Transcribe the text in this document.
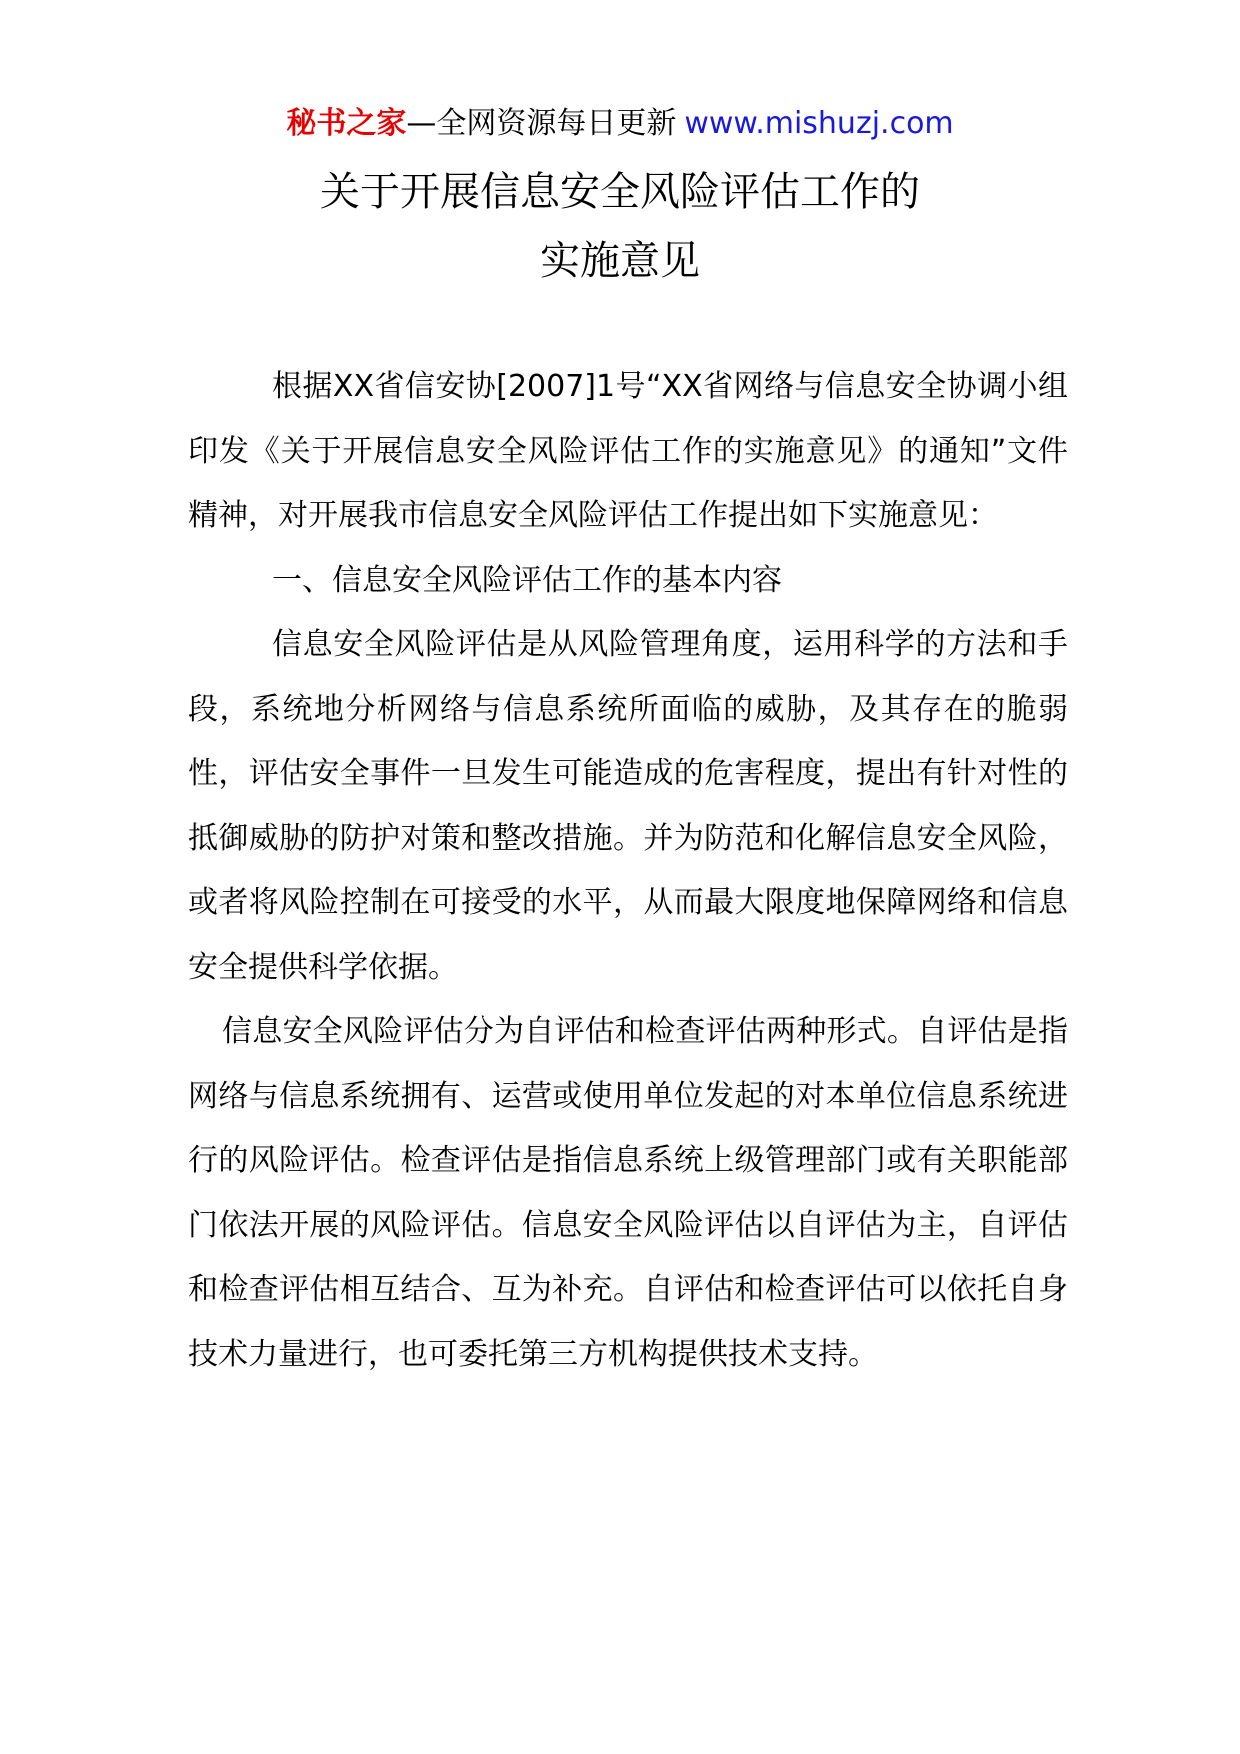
秘书之家—全网资源每日更新 www.mishuzj.com
关于开展信息安全风险评估工作的
实施意见

根据XX省信安协[2007]1号“XX省网络与信息安全协调小组印发《关于开展信息安全风险评估工作的实施意见》的通知”文件精神，对开展我市信息安全风险评估工作提出如下实施意见：

一、信息安全风险评估工作的基本内容

信息安全风险评估是从风险管理角度，运用科学的方法和手段，系统地分析网络与信息系统所面临的威胁，及其存在的脆弱性，评估安全事件一旦发生可能造成的危害程度，提出有针对性的抵御威胁的防护对策和整改措施。并为防范和化解信息安全风险，或者将风险控制在可接受的水平，从而最大限度地保障网络和信息安全提供科学依据。

信息安全风险评估分为自评估和检查评估两种形式。自评估是指网络与信息系统拥有、运营或使用单位发起的对本单位信息系统进行的风险评估。检查评估是指信息系统上级管理部门或有关职能部门依法开展的风险评估。信息安全风险评估以自评估为主，自评估和检查评估相互结合、互为补充。自评估和检查评估可以依托自身技术力量进行，也可委托第三方机构提供技术支持。
